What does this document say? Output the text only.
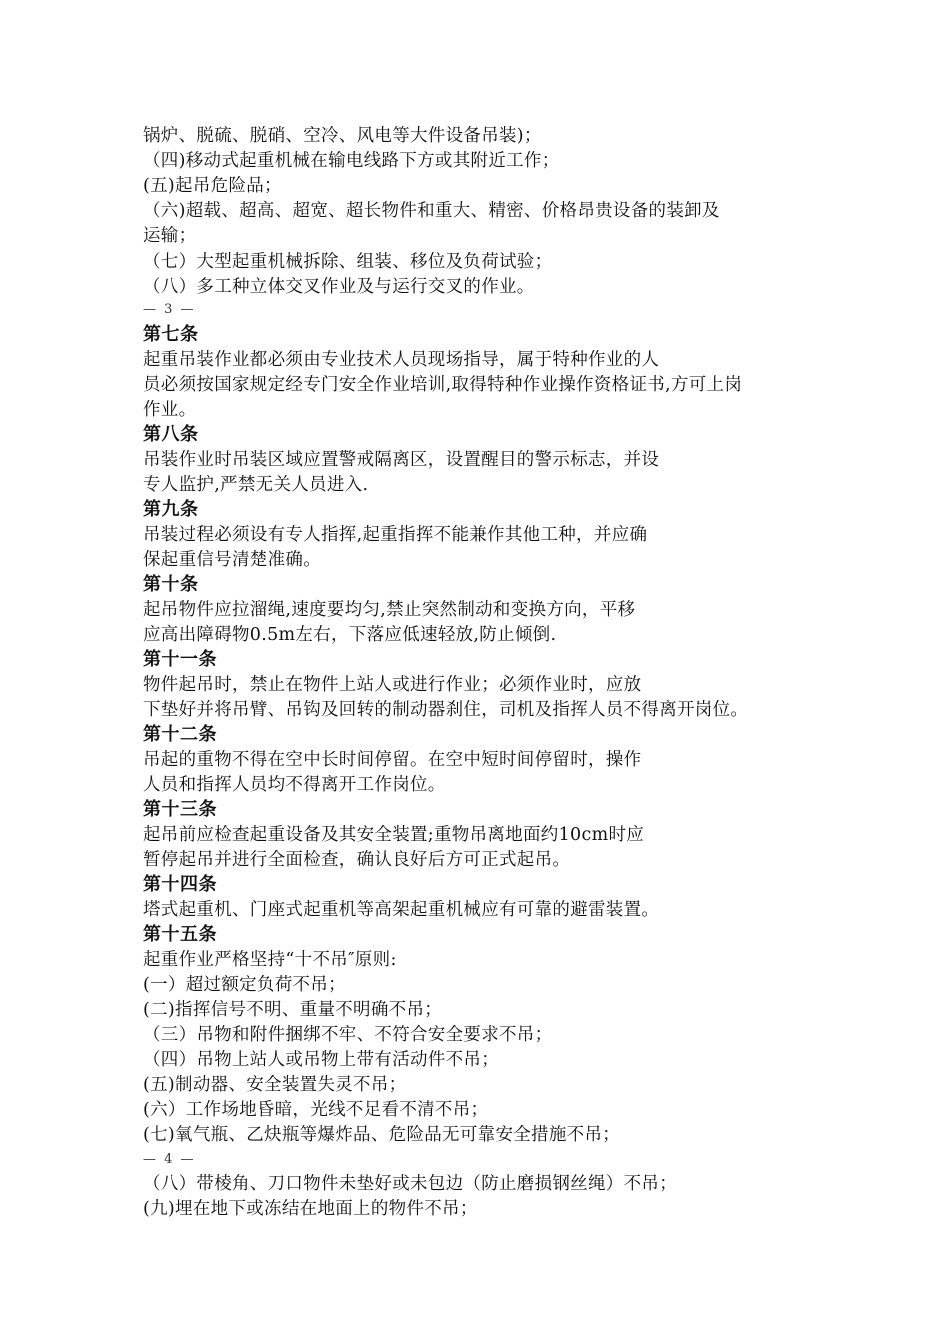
锅炉、脱硫、脱硝、空冷、风电等大件设备吊装)；
（四)移动式起重机械在输电线路下方或其附近工作；
(五)起吊危险品；
（六)超载、超高、超宽、超长物件和重大、精密、价格昂贵设备的装卸及
运输；
（七）大型起重机械拆除、组装、移位及负荷试验；
（八）多工种立体交叉作业及与运行交叉的作业。
— 3 —
第七条
起重吊装作业都必须由专业技术人员现场指导，属于特种作业的人
员必须按国家规定经专门安全作业培训,取得特种作业操作资格证书,方可上岗
作业。
第八条
吊装作业时吊装区域应置警戒隔离区，设置醒目的警示标志，并设
专人监护,严禁无关人员进入.
第九条
吊装过程必须设有专人指挥,起重指挥不能兼作其他工种，并应确
保起重信号清楚准确。
第十条
起吊物件应拉溜绳,速度要均匀,禁止突然制动和变换方向，平移
应高出障碍物0.5m左右，下落应低速轻放,防止倾倒.
第十一条
物件起吊时，禁止在物件上站人或进行作业；必须作业时，应放
下垫好并将吊臂、吊钩及回转的制动器刹住，司机及指挥人员不得离开岗位。
第十二条
吊起的重物不得在空中长时间停留。在空中短时间停留时，操作
人员和指挥人员均不得离开工作岗位。
第十三条
起吊前应检查起重设备及其安全装置;重物吊离地面约10cm时应
暂停起吊并进行全面检查，确认良好后方可正式起吊。
第十四条
塔式起重机、门座式起重机等高架起重机械应有可靠的避雷装置。
第十五条
起重作业严格坚持“十不吊″原则:
(一）超过额定负荷不吊；
(二)指挥信号不明、重量不明确不吊；
（三）吊物和附件捆绑不牢、不符合安全要求不吊；
（四）吊物上站人或吊物上带有活动件不吊；
(五)制动器、安全装置失灵不吊；
(六）工作场地昏暗，光线不足看不清不吊；
(七)氧气瓶、乙炔瓶等爆炸品、危险品无可靠安全措施不吊；
— 4 —
（八）带棱角、刀口物件未垫好或未包边（防止磨损钢丝绳）不吊；
(九)埋在地下或冻结在地面上的物件不吊；
